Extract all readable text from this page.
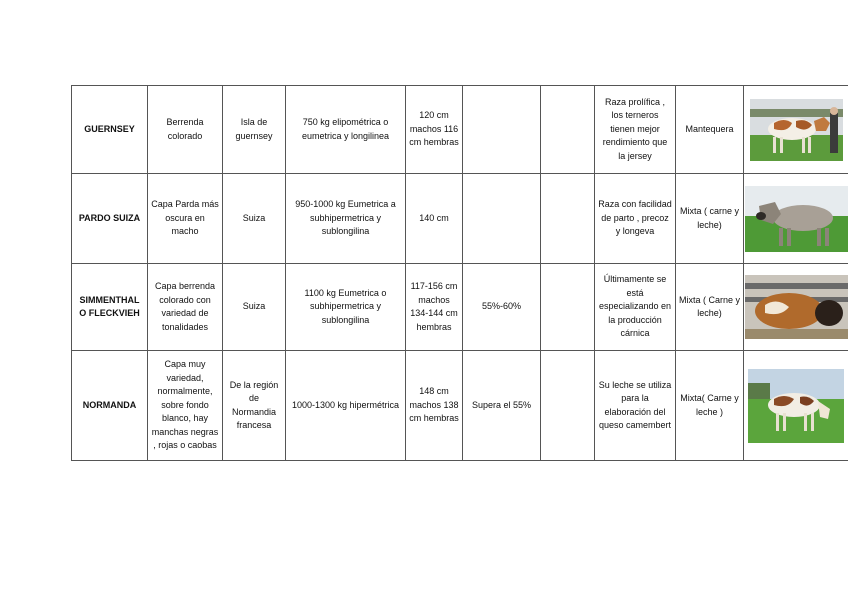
GUERNSEY	Berrenda colorado	Isla de guernsey	750 kg elipométrica o eumetrica y longilinea	120 cm machos 116 cm hembras			Raza prolífica , los terneros tienen mejor rendimiento que la jersey	Mantequera	

PARDO SUIZA	Capa Parda más oscura en macho	Suiza	950-1000 kg Eumetrica a subhipermetrica y sublongilina	140 cm			Raza con facilidad de parto , precoz y longeva	Mixta ( carne y leche)	

SIMMENTHAL O FLECKVIEH	Capa berrenda colorado con variedad de tonalidades	Suiza	1100 kg Eumetrica o subhipermetrica y sublongilina	117-156 cm machos 134-144 cm hembras	55%-60%		Últimamente se está especializando en la producción cárnica	Mixta ( Carne y leche)	

NORMANDA	Capa muy variedad, normalmente, sobre fondo blanco, hay manchas negras , rojas o caobas	De la región de Normandia francesa	1000-1300 kg hipermétrica	148 cm machos 138 cm hembras	Supera el 55%		Su leche se utiliza para la elaboración del queso camembert	Mixta( Carne y leche )	
